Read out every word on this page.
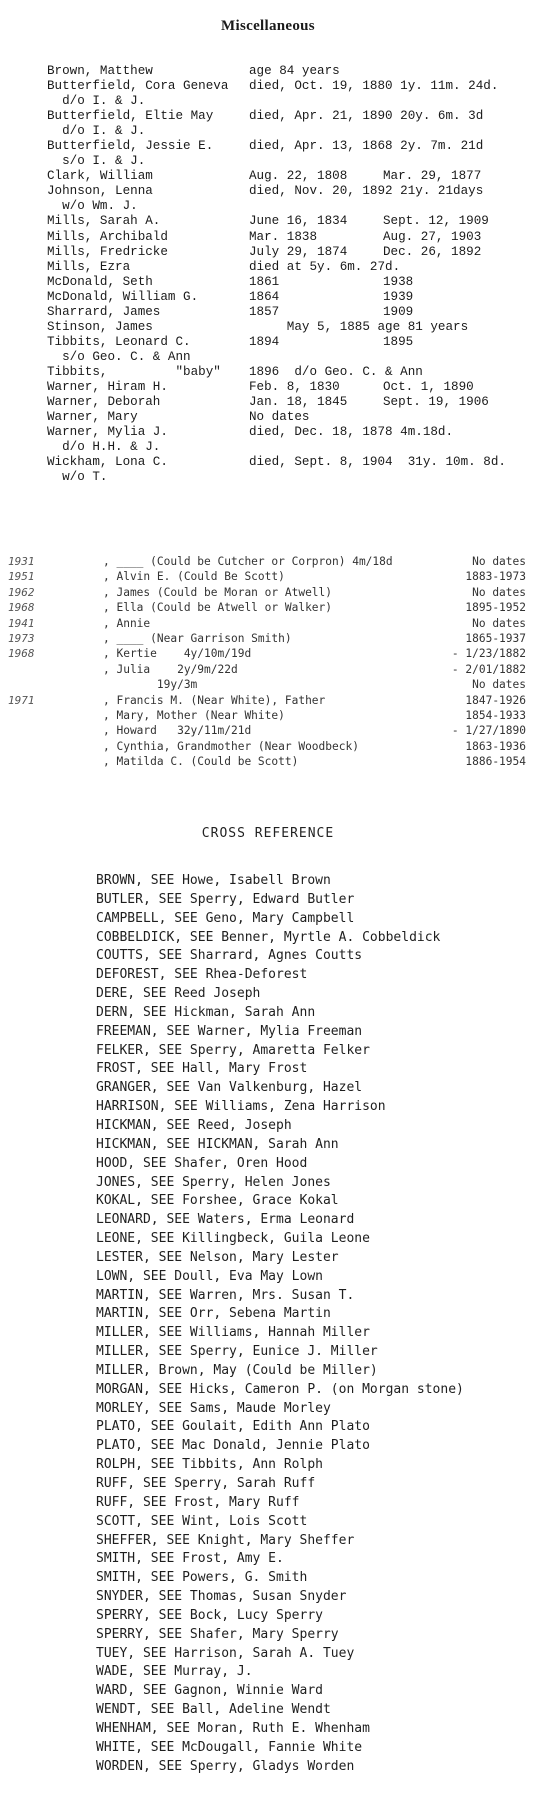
Miscellaneous
Brown, Matthew	age 84 years
Butterfield, Cora Geneva died, Oct. 19, 1880 1y. 11m. 24d.
d/o I. & J.
Butterfield, Eltie May	died, Apr. 21, 1890 20y. 6m. 3d
d/o I. & J.
Butterfield, Jessie E.	died, Apr. 13, 1868 2y. 7m. 21d
s/o I. & J.
Clark, William	Aug. 22, 1808	Mar. 29, 1877
Johnson, Lenna	died, Nov. 20, 1892 21y. 21days
w/o Wm. J.
Mills, Sarah A.	June 16, 1834	Sept. 12, 1909
Mills, Archibald	Mar. 1838	Aug. 27, 1903
Mills, Fredricke	July 29, 1874	Dec. 26, 1892
Mills, Ezra	died at 5y. 6m. 27d.
McDonald, Seth	1861	1938
McDonald, William G.	1864	1939
Sharrard, James	1857	1909
Stinson, James	May 5, 1885 age 81 years
Tibbits, Leonard C.	1894	1895
s/o Geo. C. & Ann
Tibbits,         "baby" 1896  d/o Geo. C. & Ann
Warner, Hiram H.	Feb. 8, 1830	Oct. 1, 1890
Warner, Deborah	Jan. 18, 1845	Sept. 19, 1906
Warner, Mary	No dates
Warner, Mylia J.	died, Dec. 18, 1878 4m.18d.
d/o H.H. & J.
Wickham, Lona C.	died, Sept. 8, 1904  31y. 10m. 8d.
w/o T.
1931	, ____ (Could be Cutcher or Corpron) 4m/18d	No dates
1951	, Alvin E. (Could Be Scott)	1883-1973
1962	, James (Could be Moran or Atwell)	No dates
1968	, Ella (Could be Atwell or Walker)	1895-1952
1941	, Annie	No dates
1973	, ____ (Near Garrison Smith)	1865-1937
1968	, Kertie    4y/10m/19d	- 1/23/1882
, Julia    2y/9m/22d	- 2/01/1882
19y/3m	No dates
1971	, Francis M. (Near White), Father	1847-1926
, Mary, Mother (Near White)	1854-1933
, Howard   32y/11m/21d	- 1/27/1890
, Cynthia, Grandmother (Near Woodbeck)	1863-1936
, Matilda C. (Could be Scott)	1886-1954
CROSS REFERENCE
BROWN, SEE Howe, Isabell Brown
BUTLER, SEE Sperry, Edward Butler
CAMPBELL, SEE Geno, Mary Campbell
COBBELDICK, SEE Benner, Myrtle A. Cobbeldick
COUTTS, SEE Sharrard, Agnes Coutts
DEFOREST, SEE Rhea-Deforest
DERE, SEE Reed Joseph
DERN, SEE Hickman, Sarah Ann
FREEMAN, SEE Warner, Mylia Freeman
FELKER, SEE Sperry, Amaretta Felker
FROST, SEE Hall, Mary Frost
GRANGER, SEE Van Valkenburg, Hazel
HARRISON, SEE Williams, Zena Harrison
HICKMAN, SEE Reed, Joseph
HICKMAN, SEE HICKMAN, Sarah Ann
HOOD, SEE Shafer, Oren Hood
JONES, SEE Sperry, Helen Jones
KOKAL, SEE Forshee, Grace Kokal
LEONARD, SEE Waters, Erma Leonard
LEONE, SEE Killingbeck, Guila Leone
LESTER, SEE Nelson, Mary Lester
LOWN, SEE Doull, Eva May Lown
MARTIN, SEE Warren, Mrs. Susan T.
MARTIN, SEE Orr, Sebena Martin
MILLER, SEE Williams, Hannah Miller
MILLER, SEE Sperry, Eunice J. Miller
MILLER, Brown, May (Could be Miller)
MORGAN, SEE Hicks, Cameron P. (on Morgan stone)
MORLEY, SEE Sams, Maude Morley
PLATO, SEE Goulait, Edith Ann Plato
PLATO, SEE Mac Donald, Jennie Plato
ROLPH, SEE Tibbits, Ann Rolph
RUFF, SEE Sperry, Sarah Ruff
RUFF, SEE Frost, Mary Ruff
SCOTT, SEE Wint, Lois Scott
SHEFFER, SEE Knight, Mary Sheffer
SMITH, SEE Frost, Amy E.
SMITH, SEE Powers, G. Smith
SNYDER, SEE Thomas, Susan Snyder
SPERRY, SEE Bock, Lucy Sperry
SPERRY, SEE Shafer, Mary Sperry
TUEY, SEE Harrison, Sarah A. Tuey
WADE, SEE Murray, J.
WARD, SEE Gagnon, Winnie Ward
WENDT, SEE Ball, Adeline Wendt
WHENHAM, SEE Moran, Ruth E. Whenham
WHITE, SEE McDougall, Fannie White
WORDEN, SEE Sperry, Gladys Worden
